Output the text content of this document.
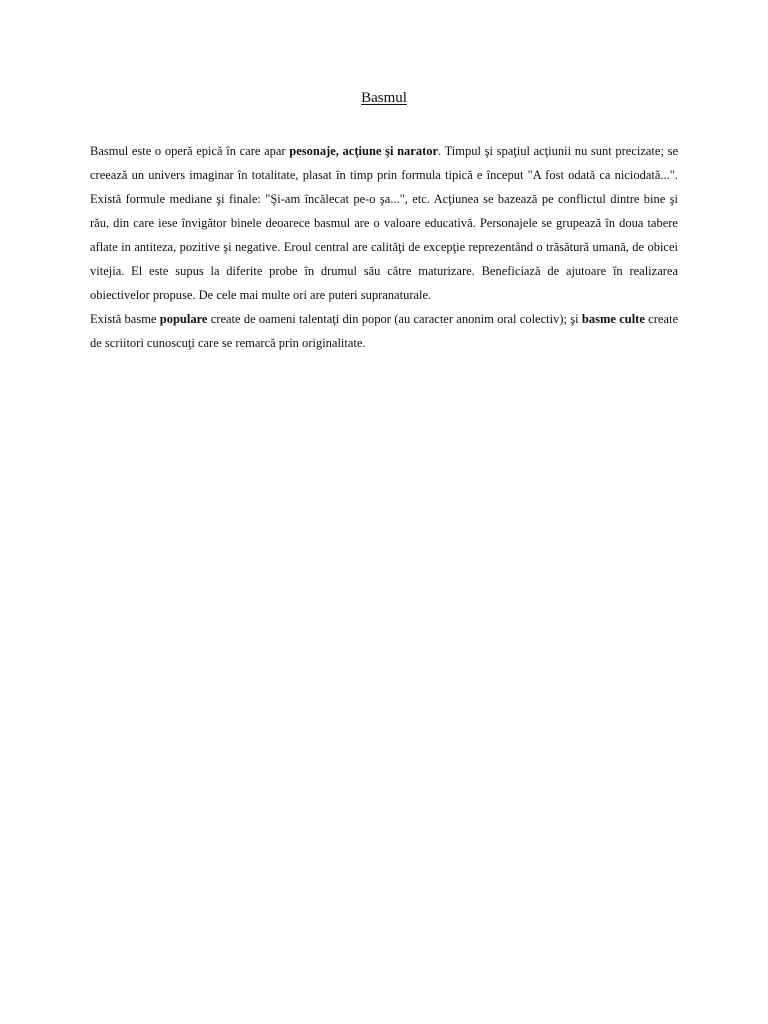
Basmul

Basmul este o operă epică în care apar pesonaje, acţiune şi narator. Timpul şi spaţiul acţiunii nu sunt precizate; se creează un univers imaginar în totalitate, plasat în timp prin formula tipică e început "A fost odată ca niciodată...". Există formule mediane şi finale: "Şi-am încălecat pe-o şa...", etc. Acţiunea se bazează pe conflictul dintre bine şi rău, din care iese învigător binele deoarece basmul are o valoare educativă. Personajele se grupează în doua tabere aflate in antiteza, pozitive şi negative. Eroul central are calităţi de excepţie reprezentând o trăsătură umană, de obicei vitejia. El este supus la diferite probe în drumul său către maturizare. Beneficiază de ajutoare în realizarea obiectivelor propuse. De cele mai multe ori are puteri supranaturale.

Există basme populare create de oameni talentaţi din popor (au caracter anonim oral colectiv); şi basme culte create de scriitori cunoscuţi care se remarcă prin originalitate.
